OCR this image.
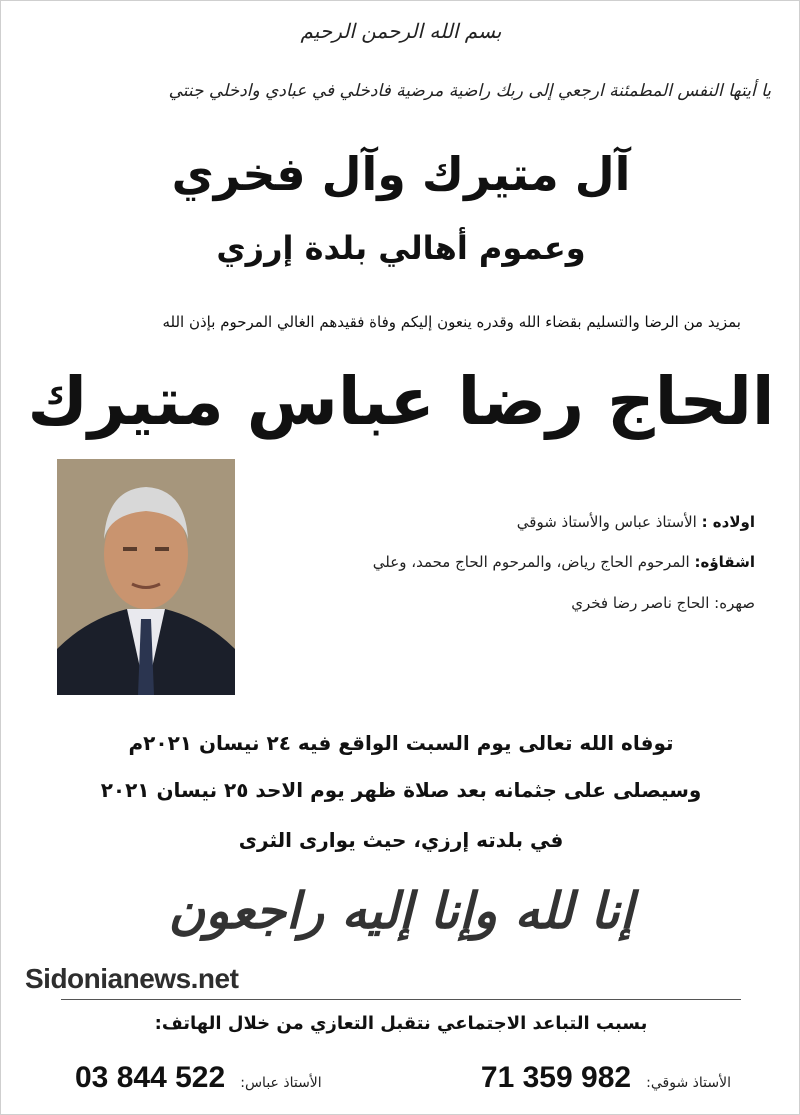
بسم الله الرحمن الرحيم
يا أيتها النفس المطمئنة ارجعي إلى ربك راضية مرضية فادخلي في عبادي وادخلي جنتي
آل متيرك وآل فخري
وعموم أهالي بلدة إرزي
بمزيد من الرضا والتسليم بقضاء الله وقدره ينعون إليكم وفاة فقيدهم الغالي المرحوم بإذن الله
الحاج رضا عباس متيرك
اولاده : الأستاذ عباس والأستاذ شوقي
اشقاؤه: المرحوم الحاج رياض، والمرحوم الحاج محمد، وعلي
صهره: الحاج ناصر رضا فخري
توفاه الله تعالى يوم السبت الواقع فيه ٢٤ نيسان ٢٠٢١م
وسيصلى على جثمانه بعد صلاة ظهر يوم الاحد ٢٥ نيسان ٢٠٢١
في بلدته إرزي، حيث يوارى الثرى
إنا لله وإنا إليه راجعون
Sidonianews.net
بسبب التباعد الاجتماعي نتقبل التعازي من خلال الهاتف:
الأستاذ شوقي: 71 359 982
الأستاذ عباس: 03 844 522
